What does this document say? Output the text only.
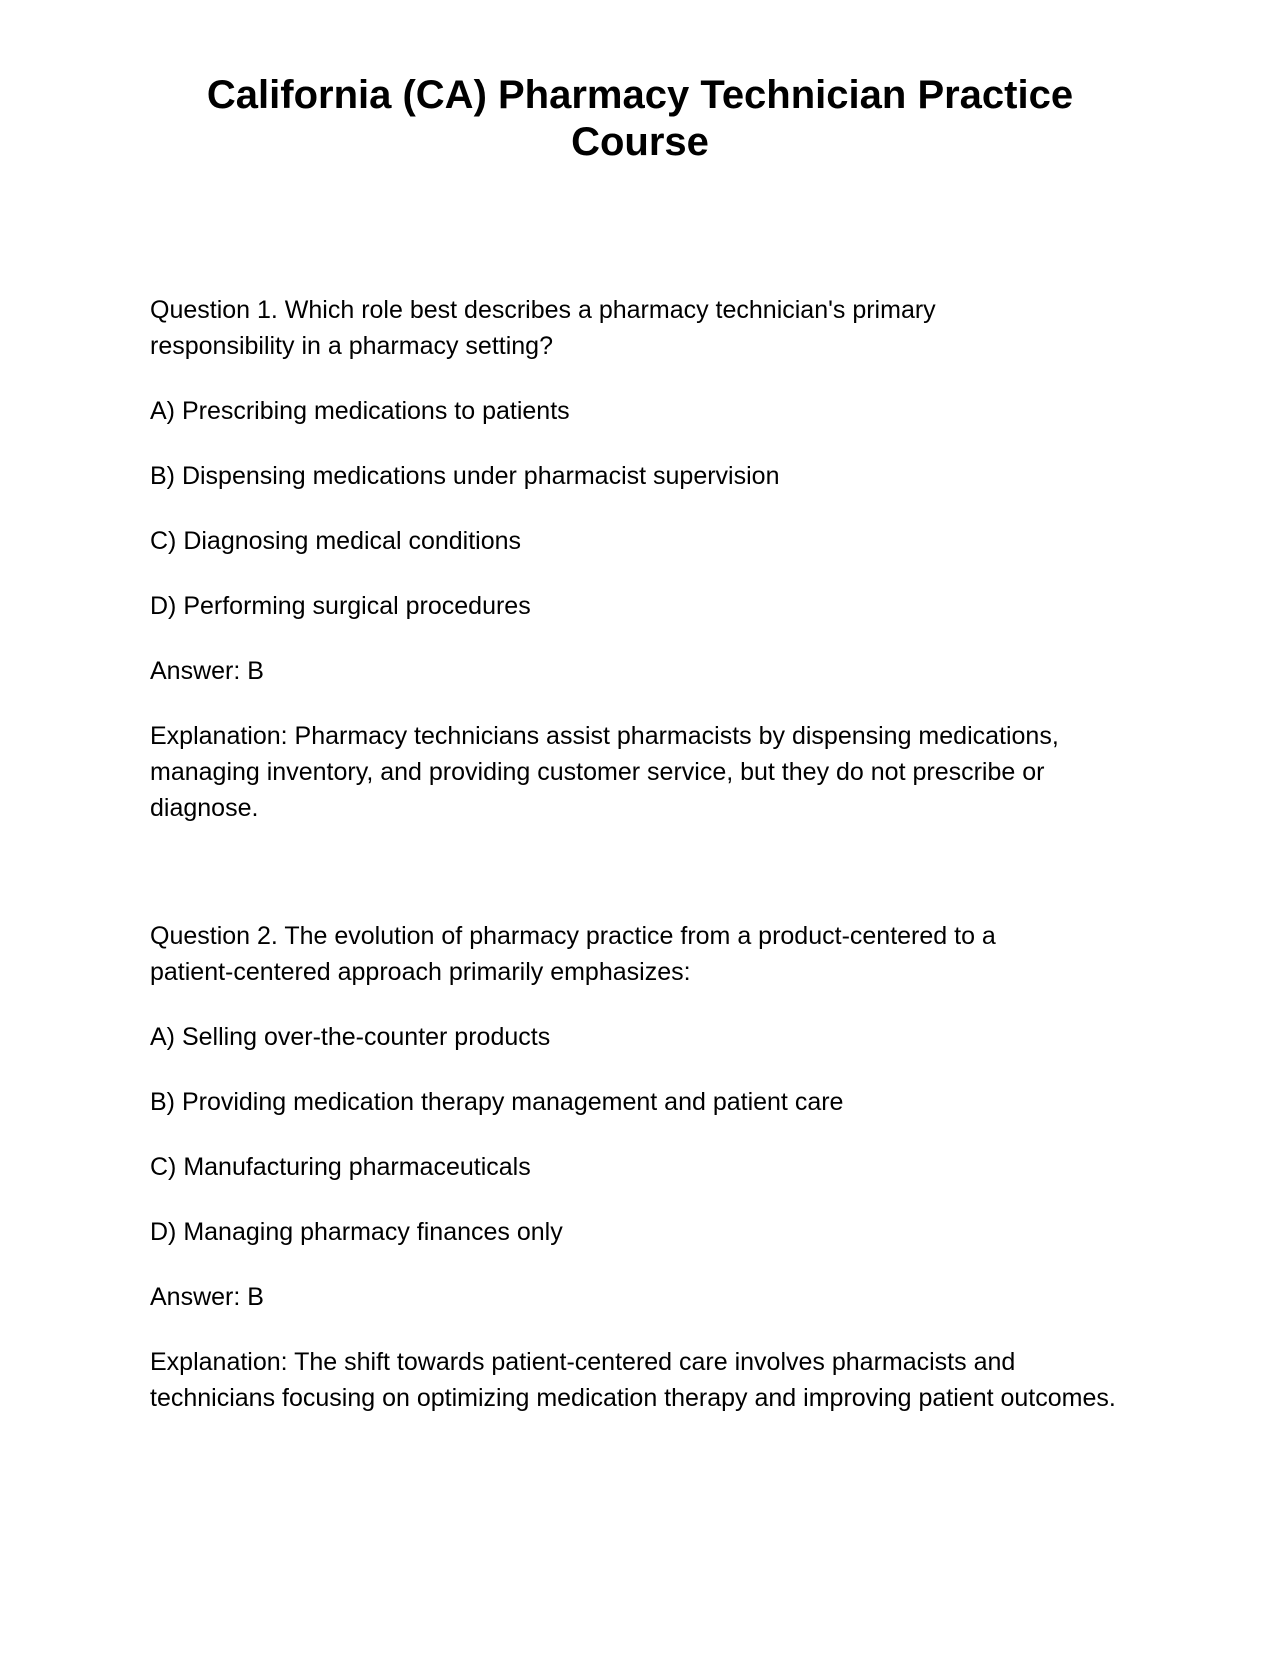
California (CA) Pharmacy Technician Practice Course

Question 1. Which role best describes a pharmacy technician's primary responsibility in a pharmacy setting?

A) Prescribing medications to patients

B) Dispensing medications under pharmacist supervision

C) Diagnosing medical conditions

D) Performing surgical procedures

Answer: B

Explanation: Pharmacy technicians assist pharmacists by dispensing medications, managing inventory, and providing customer service, but they do not prescribe or diagnose.

Question 2. The evolution of pharmacy practice from a product-centered to a patient-centered approach primarily emphasizes:

A) Selling over-the-counter products

B) Providing medication therapy management and patient care

C) Manufacturing pharmaceuticals

D) Managing pharmacy finances only

Answer: B

Explanation: The shift towards patient-centered care involves pharmacists and technicians focusing on optimizing medication therapy and improving patient outcomes.
